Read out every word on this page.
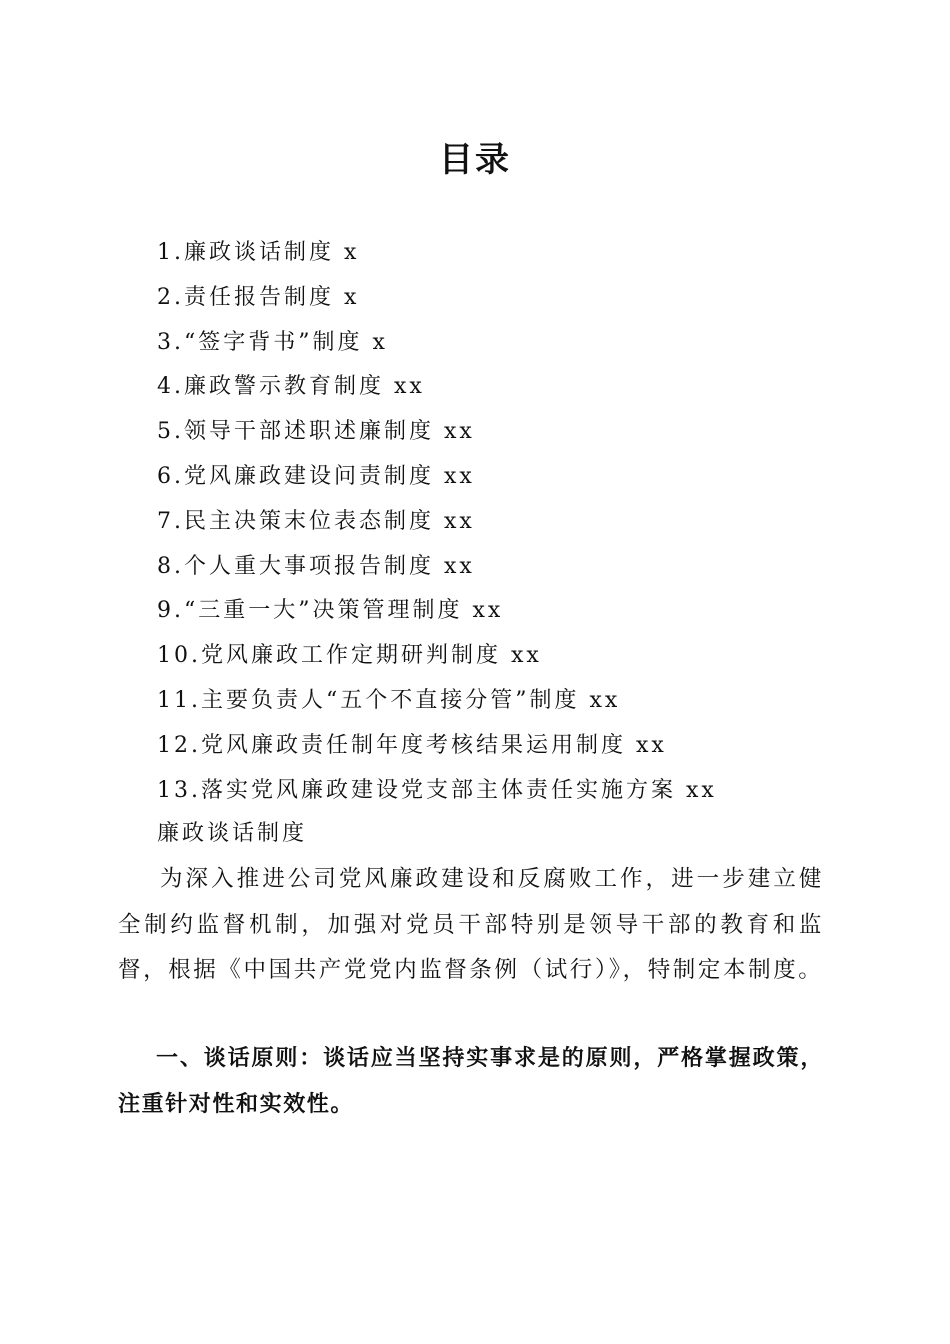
目录
1.廉政谈话制度 x
2.责任报告制度 x
3.“签字背书”制度 x
4.廉政警示教育制度 xx
5.领导干部述职述廉制度 xx
6.党风廉政建设问责制度 xx
7.民主决策末位表态制度 xx
8.个人重大事项报告制度 xx
9.“三重一大”决策管理制度 xx
10.党风廉政工作定期研判制度 xx
11.主要负责人“五个不直接分管”制度 xx
12.党风廉政责任制年度考核结果运用制度 xx
13.落实党风廉政建设党支部主体责任实施方案 xx

廉政谈话制度

为深入推进公司党风廉政建设和反腐败工作，进一步建立健全制约监督机制，加强对党员干部特别是领导干部的教育和监督，根据《中国共产党党内监督条例（试行）》，特制定本制度。

一、谈话原则：谈话应当坚持实事求是的原则，严格掌握政策，注重针对性和实效性。
